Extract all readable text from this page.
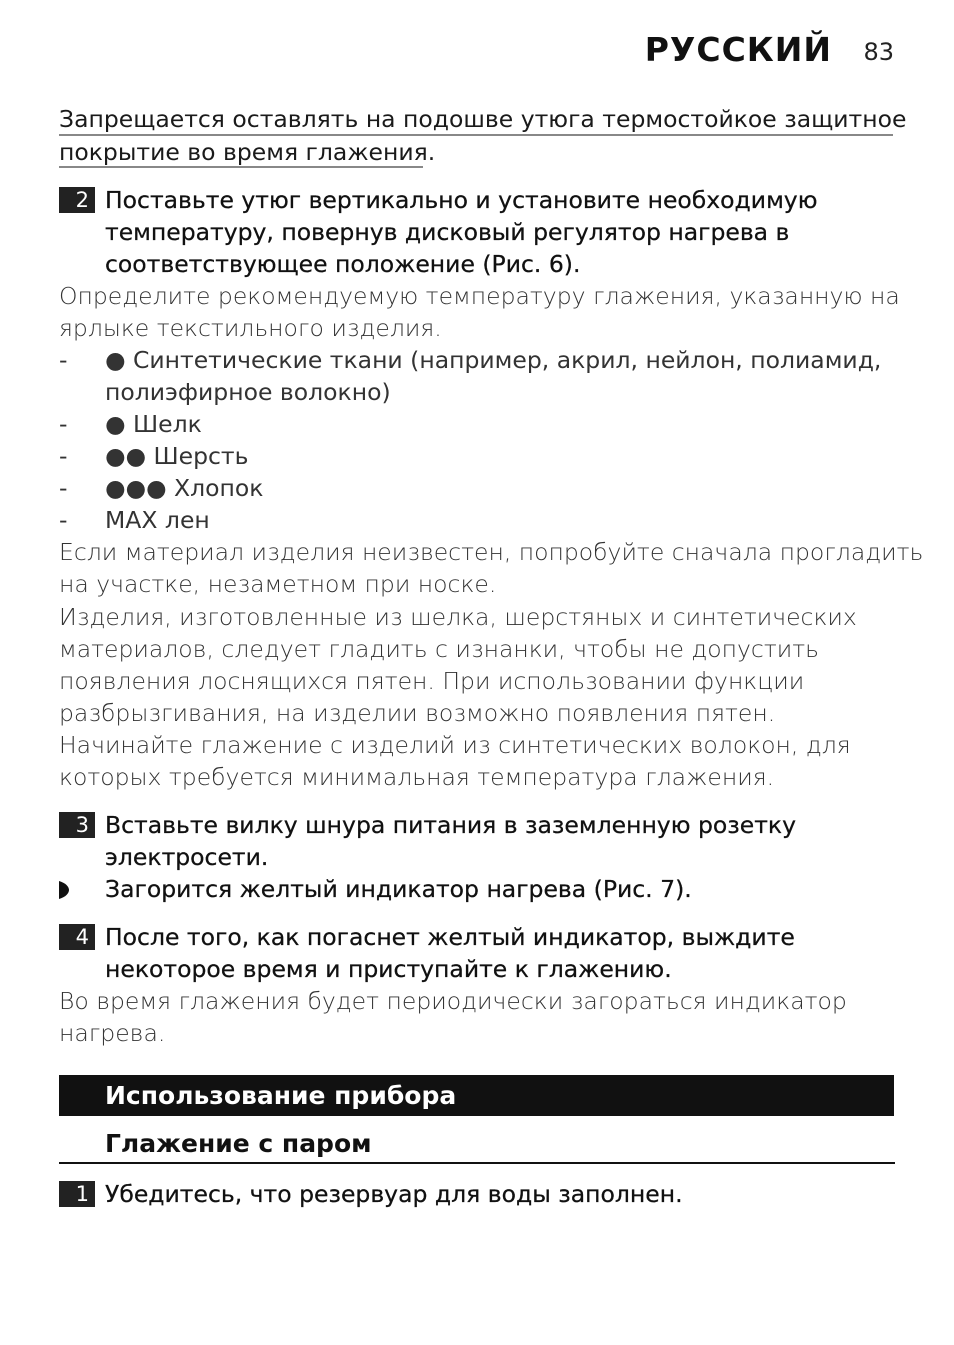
РУССКИЙ 83
Запрещается оставлять на подошве утюга термостойкое защитное
покрытие во время глажения.
2 Поставьте утюг вертикально и установите необходимую
температуру, повернув дисковый регулятор нагрева в
соответствующее положение (Рис. 6).
Определите рекомендуемую температуру глажения, указанную на
ярлыке текстильного изделия.
- ● Синтетические ткани (например, акрил, нейлон, полиамид,
полиэфирное волокно)
- ● Шелк
- ●● Шерсть
- ●●● Хлопок
- MAX лен
Если материал изделия неизвестен, попробуйте сначала прогладить
на участке, незаметном при носке.
Изделия, изготовленные из шелка, шерстяных и синтетических
материалов, следует гладить с изнанки, чтобы не допустить
появления лоснящихся пятен. При использовании функции
разбрызгивания, на изделии возможно появления пятен.
Начинайте глажение с изделий из синтетических волокон, для
которых требуется минимальная температура глажения.
3 Вставьте вилку шнура питания в заземленную розетку
электросети.
Загорится желтый индикатор нагрева (Рис. 7).
4 После того, как погаснет желтый индикатор, выждите
некоторое время и приступайте к глажению.
Во время глажения будет периодически загораться индикатор
нагрева.
Использование прибора
Глажение с паром
1 Убедитесь, что резервуар для воды заполнен.
